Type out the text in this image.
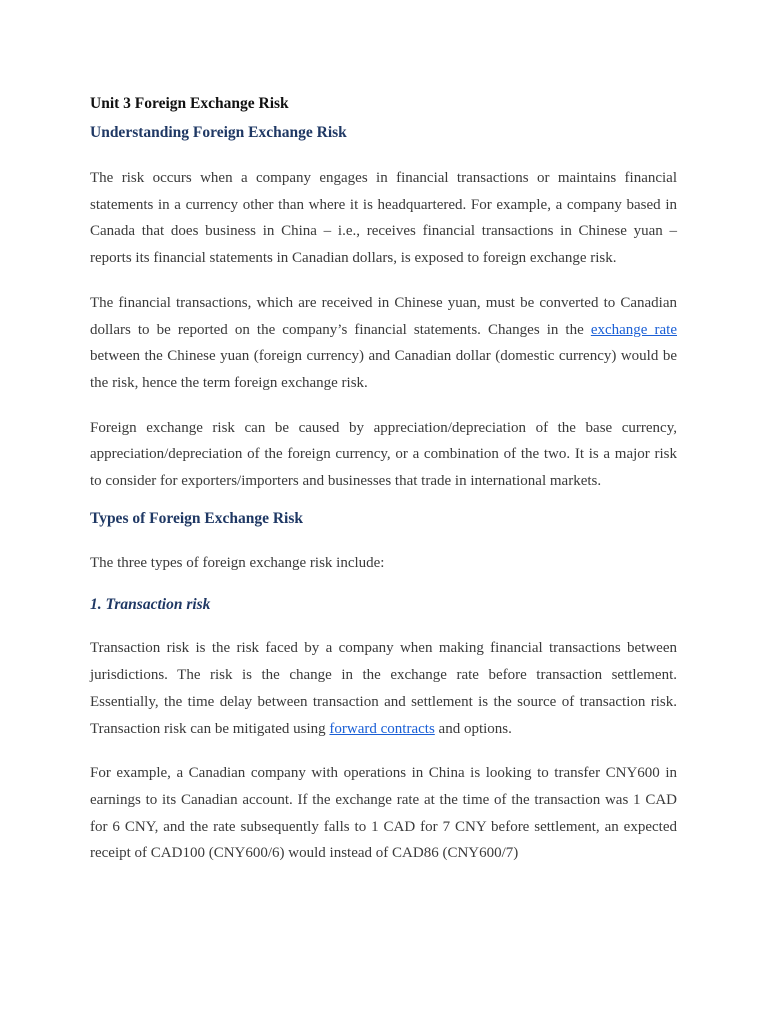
Unit 3 Foreign Exchange Risk
Understanding Foreign Exchange Risk

The risk occurs when a company engages in financial transactions or maintains financial statements in a currency other than where it is headquartered. For example, a company based in Canada that does business in China – i.e., receives financial transactions in Chinese yuan – reports its financial statements in Canadian dollars, is exposed to foreign exchange risk.

The financial transactions, which are received in Chinese yuan, must be converted to Canadian dollars to be reported on the company’s financial statements. Changes in the exchange rate between the Chinese yuan (foreign currency) and Canadian dollar (domestic currency) would be the risk, hence the term foreign exchange risk.

Foreign exchange risk can be caused by appreciation/depreciation of the base currency, appreciation/depreciation of the foreign currency, or a combination of the two. It is a major risk to consider for exporters/importers and businesses that trade in international markets.

Types of Foreign Exchange Risk

The three types of foreign exchange risk include:

1. Transaction risk

Transaction risk is the risk faced by a company when making financial transactions between jurisdictions. The risk is the change in the exchange rate before transaction settlement. Essentially, the time delay between transaction and settlement is the source of transaction risk. Transaction risk can be mitigated using forward contracts and options.

For example, a Canadian company with operations in China is looking to transfer CNY600 in earnings to its Canadian account. If the exchange rate at the time of the transaction was 1 CAD for 6 CNY, and the rate subsequently falls to 1 CAD for 7 CNY before settlement, an expected receipt of CAD100 (CNY600/6) would instead of CAD86 (CNY600/7)
